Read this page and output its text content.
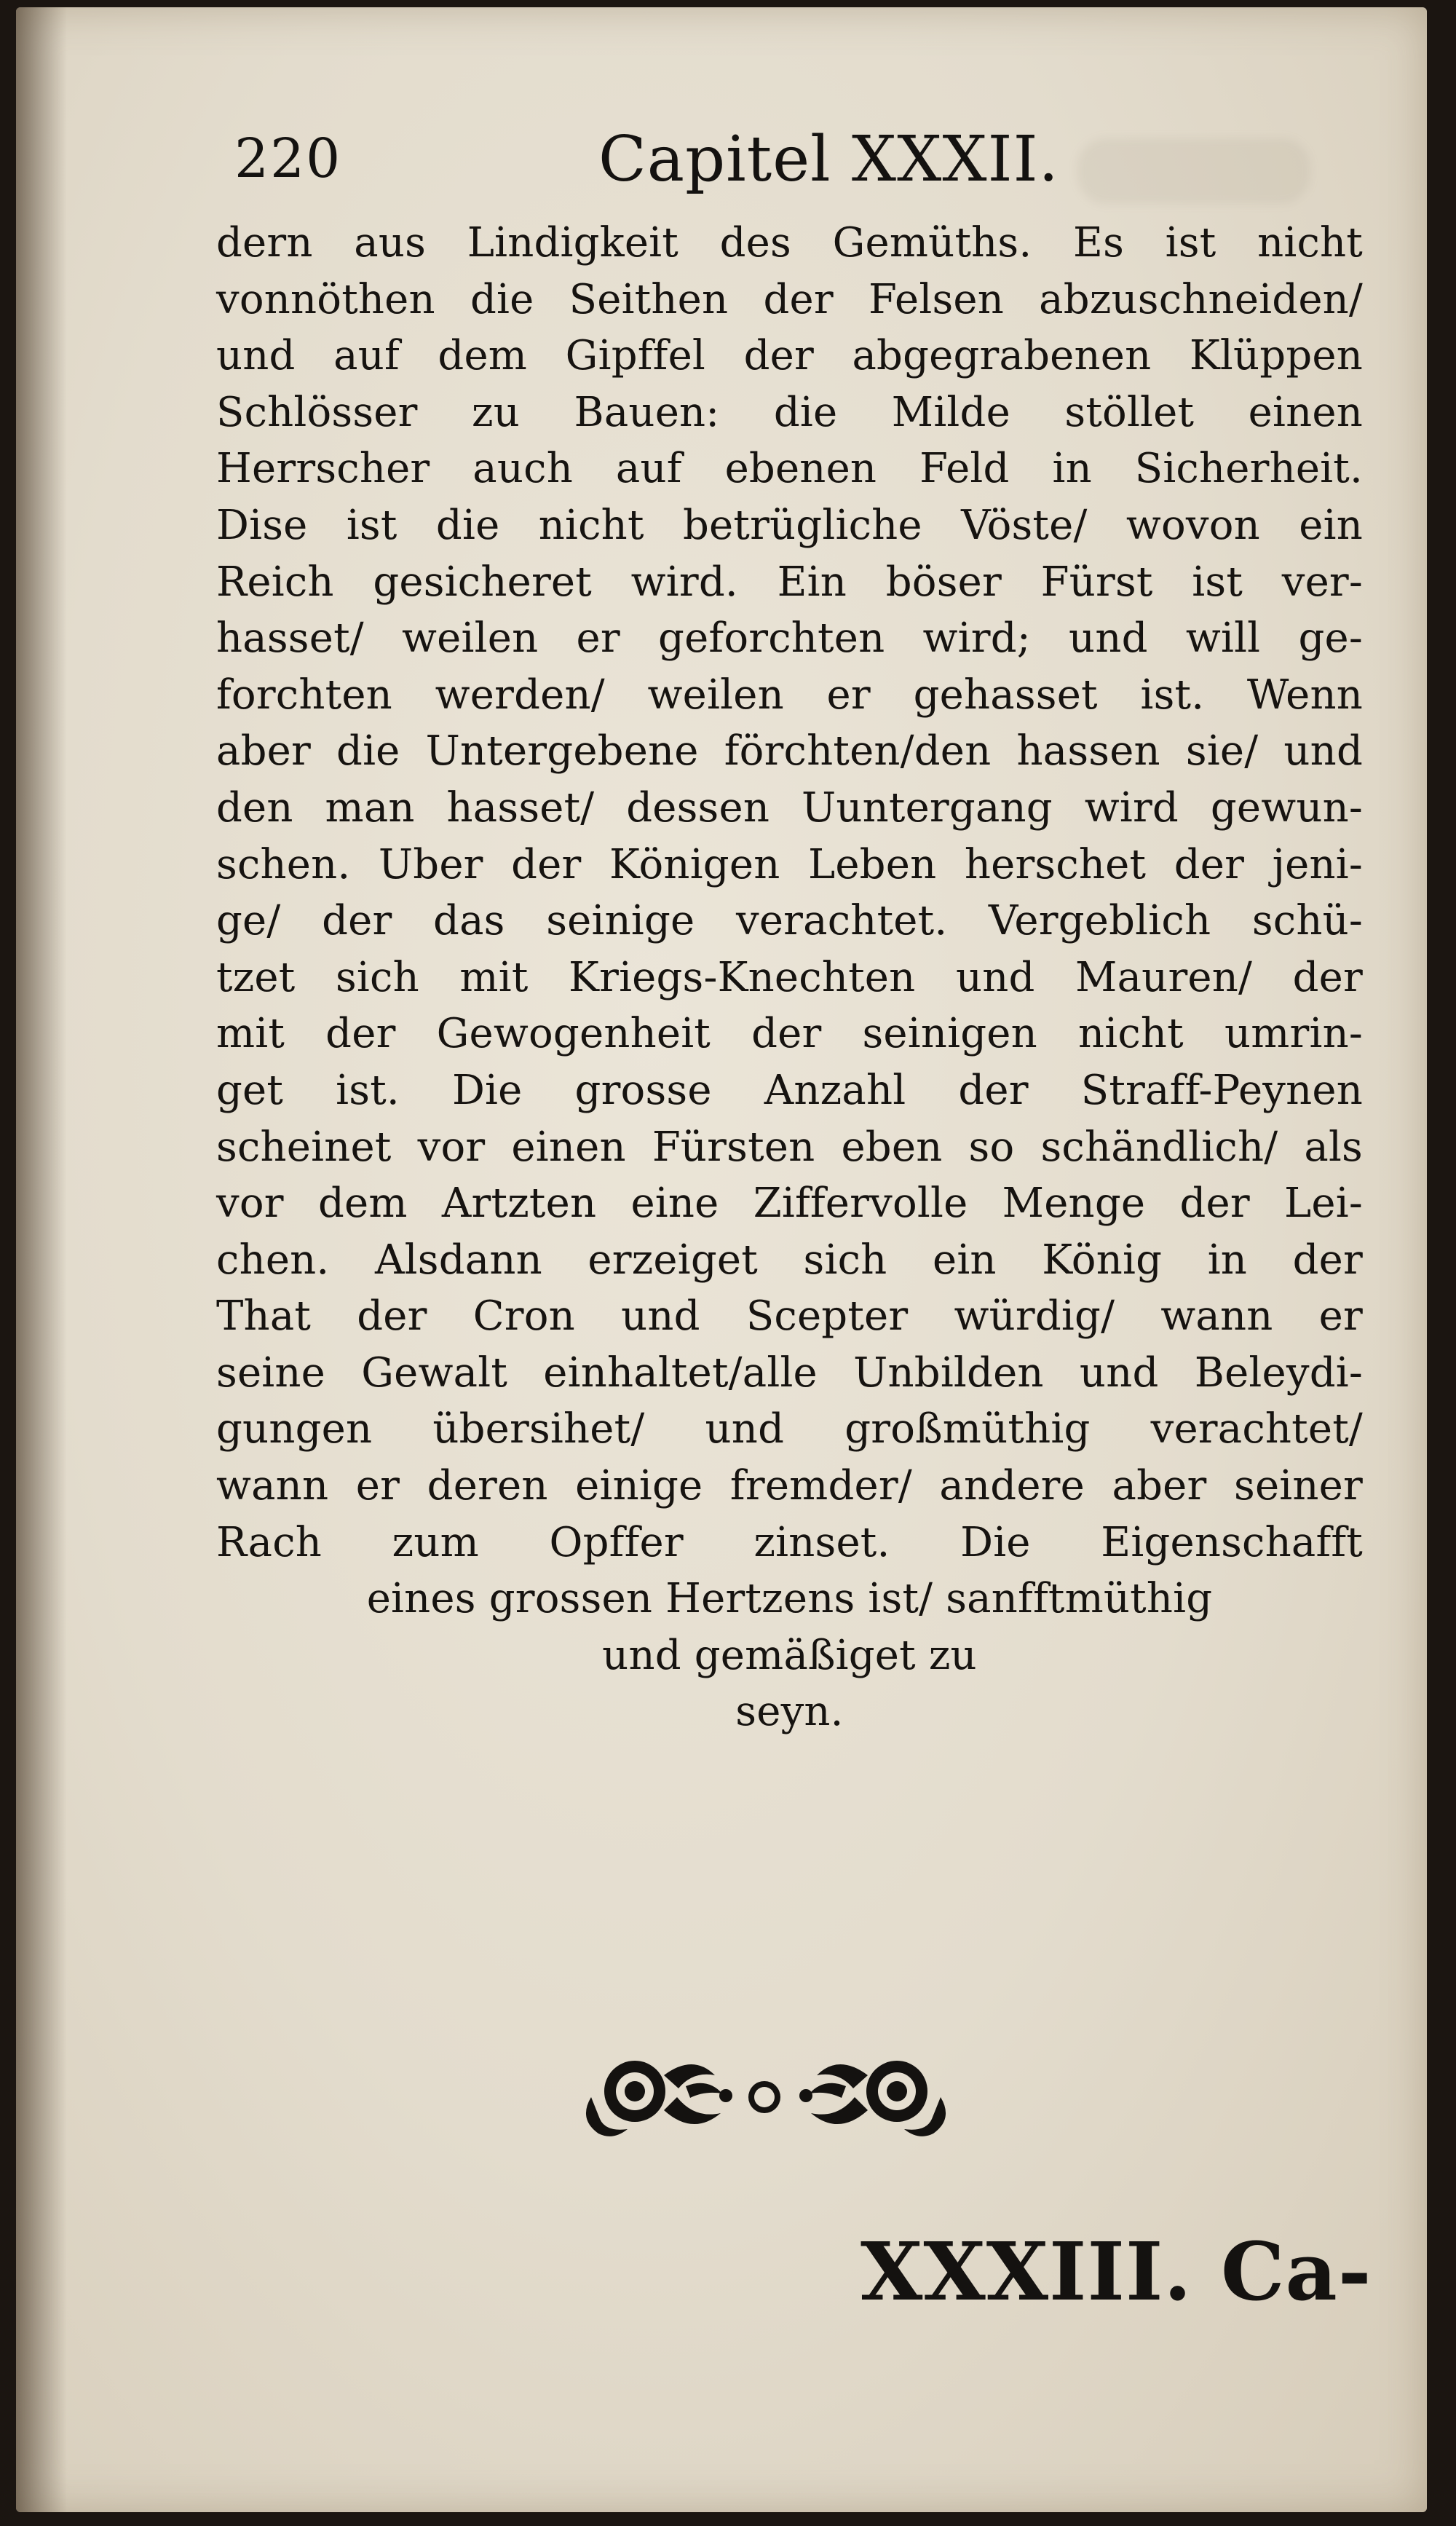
220	Capitel XXXII.
dern aus Lindigkeit des Gemüths. Es ist nicht
vonnöthen die Seithen der Felsen abzuschneiden/
und auf dem Gipffel der abgegrabenen Klüppen
Schlösser zu Bauen: die Milde stöllet einen
Herrscher auch auf ebenen Feld in Sicherheit.
Dise ist die nicht betrügliche Vöste/ wovon ein
Reich gesicheret wird. Ein böser Fürst ist ver-
hasset/ weilen er geforchten wird; und will ge-
forchten werden/ weilen er gehasset ist. Wenn
aber die Untergebene förchten/den hassen sie/ und
den man hasset/ dessen Uuntergang wird gewun-
schen. Uber der Königen Leben herschet der jeni-
ge/ der das seinige verachtet. Vergeblich schü-
tzet sich mit Kriegs-Knechten und Mauren/ der
mit der Gewogenheit der seinigen nicht umrin-
get ist. Die grosse Anzahl der Straff-Peynen
scheinet vor einen Fürsten eben so schändlich/ als
vor dem Artzten eine Ziffervolle Menge der Lei-
chen. Alsdann erzeiget sich ein König in der
That der Cron und Scepter würdig/ wann er
seine Gewalt einhaltet/alle Unbilden und Beleydi-
gungen übersihet/ und großmüthig verachtet/
wann er deren einige fremder/ andere aber seiner
Rach zum Opffer zinset. Die Eigenschafft
eines grossen Hertzens ist/ sanfftmüthig
und gemäßiget zu
seyn.
XXXIII. Ca-
